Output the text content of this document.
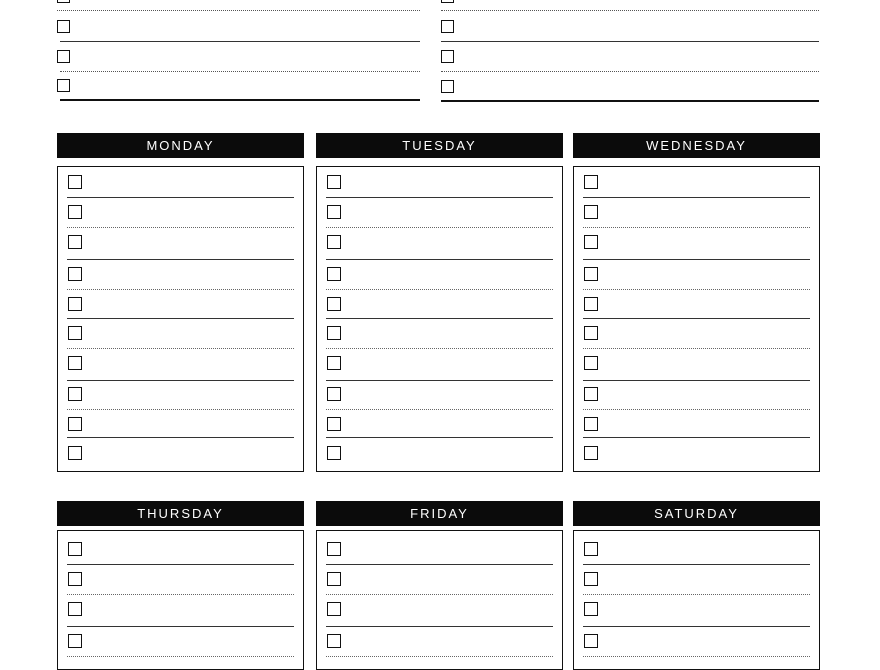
MONDAY	TUESDAY	WEDNESDAY
THURSDAY	FRIDAY	SATURDAY
